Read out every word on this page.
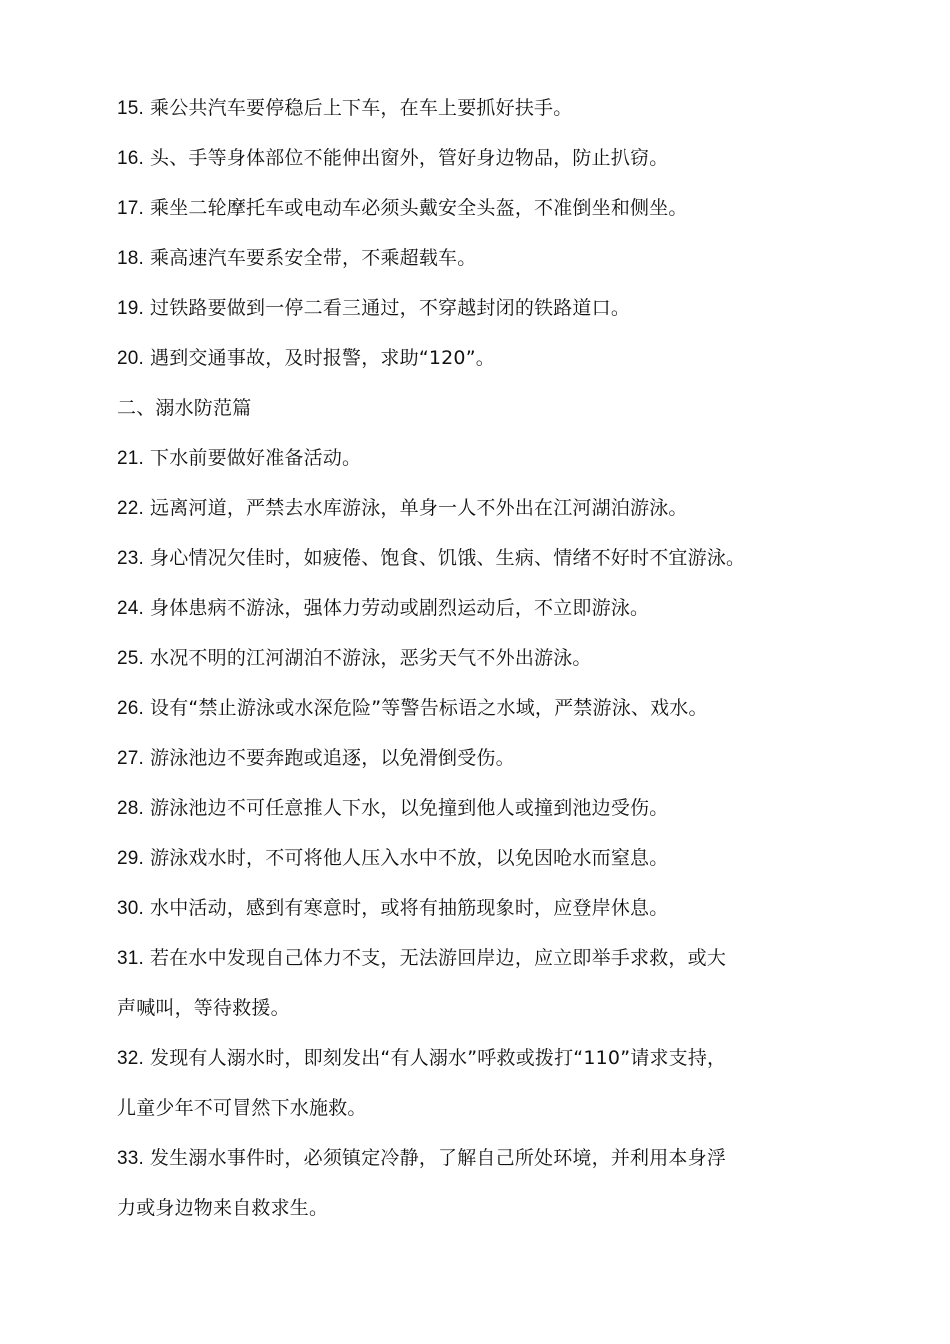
15. 乘公共汽车要停稳后上下车，在车上要抓好扶手。
16. 头、手等身体部位不能伸出窗外，管好身边物品，防止扒窃。
17. 乘坐二轮摩托车或电动车必须头戴安全头盔，不准倒坐和侧坐。
18. 乘高速汽车要系安全带，不乘超载车。
19. 过铁路要做到一停二看三通过，不穿越封闭的铁路道口。
20. 遇到交通事故，及时报警，求助“120”。
二、溺水防范篇
21. 下水前要做好准备活动。
22. 远离河道，严禁去水库游泳，单身一人不外出在江河湖泊游泳。
23. 身心情况欠佳时，如疲倦、饱食、饥饿、生病、情绪不好时不宜游泳。
24. 身体患病不游泳，强体力劳动或剧烈运动后，不立即游泳。
25. 水况不明的江河湖泊不游泳，恶劣天气不外出游泳。
26. 设有“禁止游泳或水深危险”等警告标语之水域，严禁游泳、戏水。
27. 游泳池边不要奔跑或追逐，以免滑倒受伤。
28. 游泳池边不可任意推人下水，以免撞到他人或撞到池边受伤。
29. 游泳戏水时，不可将他人压入水中不放，以免因呛水而窒息。
30. 水中活动，感到有寒意时，或将有抽筋现象时，应登岸休息。
31. 若在水中发现自己体力不支，无法游回岸边，应立即举手求救，或大
声喊叫，等待救援。
32. 发现有人溺水时，即刻发出“有人溺水”呼救或拨打“110”请求支持，
儿童少年不可冒然下水施救。
33. 发生溺水事件时，必须镇定冷静，了解自己所处环境，并利用本身浮
力或身边物来自救求生。
